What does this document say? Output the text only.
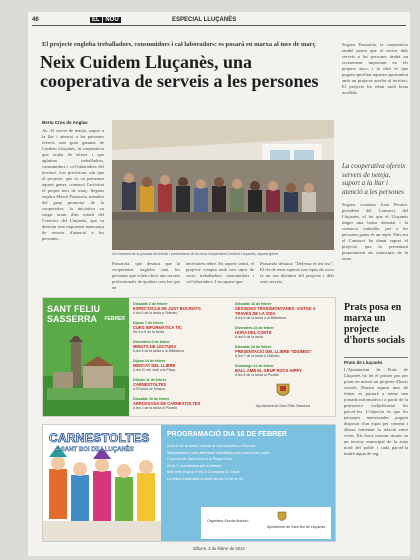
46	EL NOU	ESPECIAL LLUÇANÈS
El projecte engloba treballadors, consumidors i cal laboradors: es posarà en marxa al mes de març
Neix Cuidem Lluçanès, una cooperativa de serveis a les persones
Berta Cros de Anglas
Av. Al servei de neteja, suport a la llar i atenció a les persones ofereix una gran gamma de Cuidem Lluçanès, la cooperativa que acaba de néixer i que aglutina treballadors, consumidors i col·laboradors del territori. Les previsions són que el projecte, que es va presentar aquest gener, comenci l'activitat el proper mes de març. Segons explica Mercè Passarola, membre del grup promotor de la cooperativa, la iniciativa va sorgir arran d'un estudi del Consorci del Lluçanès, que va detectar una important mancança de serveis d'atenció a les persones...
Un moment de la jornada de treball i presentació de la nova cooperativa Cuidem Lluçanès, aquest gener
Passarola, que destaca que la cooperativa engloba tant les persones que volen oferir uns serveis professionals de qualitat com les que en
necessiten rebre. En aquest sentit, el projecte compta amb tres tipus de socis: treballadors, consumidors i col·laboradors. I en aquest que
Passarola destaca: "Defensa el teu risc". El fet de tenir aquests tres tipus de socis fa un ens distintiu del projecte i dels seus serveis.
Segons Passarola, la cooperativa també pensa que el sector dels serveis a les persones tindrà un creixement important en els propers anys, i la idea és que puguin aprofitar aquesta oportunitat amb un projecte arrelat al territori. El projecte ha rebut molt bona acollida.
La cooperativa ofereix serveis de neteja, suport a la llar i atenció a les persones
Segons comenta Joan Peraire, president del Consorci del Lluçanès, el fet que el Lluçanès tingui una baixa densitat i la comarca, subratlla, per a les persones grans és un repte. Fins ara el Consorci ha donat suport al projecte, que es presentarà properament als municipis de la zona.
SANT FELIU SASSERRA	FEBRER
Dissabte 2 de febrer
ESPECTACLE DE JUST BOCINATS
A les 6 de la tarda a l'Ateneu
Dijous 7 de febrer
CURS INFORMÀTICA TIC
De 4 a 6 de la tarda
Divendres 8 de febrer
MINUTS DE LECTURA
A les 6 de la tarda a la Biblioteca
Dijous 14 de febrer
MERCAT DEL LLIBRE
A les 10 del matí a la Plaça
Dilluns 11 de febrer
CARNESTOLTES
A l'Escola de Música
Dissabte 16 de febrer
ARROSSADA DE CARNESTOLTES
A les 2 de la tarda al Pavelló
Dissabte 16 de febrer
SESSIONS TRANSMONTANES: VIATGE A TRAVÉS DE LA VIDA
A les 6 de la tarda a la Biblioteca
Divendres 22 de febrer
HORA DEL CONTE
A les 6 de la tarda
Dissabte 23 de febrer
PRESENTACIÓ DEL LLIBRE "IDIOMES"
A les 7 de la tarda a l'Ateneu
Diumenge 24 de febrer
BALL AMB EL GRUP ROCK HIPPY
A les 6 de la tarda al Pavelló
Ajuntament de Sant Feliu Sasserra
Prats posa en marxa un projecte d'horts socials
Prats de Lluçanès
L'Ajuntament de Prats de Lluçanès ha fet el primer pas per posar en marxa un projecte d'horts socials. Durant aquest mes de febrer es portarà a terme una jornada informativa i a partir de la primavera s'adjudicaran les parcel·les. L'objectiu és que les persones interessades puguin disposar d'un espai per conrear i alhora fomentar la relació entre veïns. Els horts estaran situats en un terreny municipal de la zona nord del poble i cada parcel·la tindrà aigua de reg.
CARNESTOLTES
A SANT BOI DE LLUÇANÈS
PROGRAMACIÓ DIA 16 DE FEBRER
A les 5 de la tarda, rebuda al Carnestoltes a l'Escola.
Seguidament, ball disfressat i desfilada pels carrers del poble.
Concurs de disfresses a la Plaça Nova.
A les 7, xocolatada per a tothom.
Ball amb el grup Fred & Company al Casal.
La festa continuarà a partir de les 11 de la nit.
Organitza: Escola Antonio
Ajuntament de Sant Boi de Lluçanès
Dilluns, 2 de febrer de 2014
